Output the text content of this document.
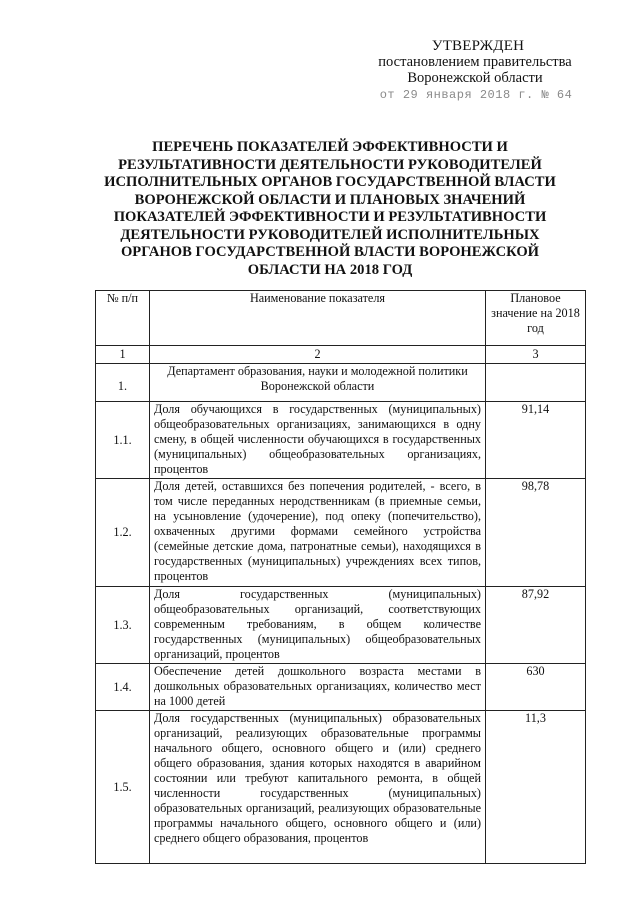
УТВЕРЖДЕН
постановлением правительства
Воронежской области
от 29 января 2018 г. № 64
ПЕРЕЧЕНЬ ПОКАЗАТЕЛЕЙ ЭФФЕКТИВНОСТИ И РЕЗУЛЬТАТИВНОСТИ ДЕЯТЕЛЬНОСТИ РУКОВОДИТЕЛЕЙ ИСПОЛНИТЕЛЬНЫХ ОРГАНОВ ГОСУДАРСТВЕННОЙ ВЛАСТИ ВОРОНЕЖСКОЙ ОБЛАСТИ И ПЛАНОВЫХ ЗНАЧЕНИЙ ПОКАЗАТЕЛЕЙ ЭФФЕКТИВНОСТИ И РЕЗУЛЬТАТИВНОСТИ ДЕЯТЕЛЬНОСТИ РУКОВОДИТЕЛЕЙ ИСПОЛНИТЕЛЬНЫХ ОРГАНОВ ГОСУДАРСТВЕННОЙ ВЛАСТИ ВОРОНЕЖСКОЙ ОБЛАСТИ НА 2018 ГОД
№ п/п	Наименование показателя	Плановое значение на 2018 год
1	2	3
1.	Департамент образования, науки и молодежной политики Воронежской области	
1.1.	Доля обучающихся в государственных (муниципальных) общеобразовательных организациях, занимающихся в одну смену, в общей численности обучающихся в государственных (муниципальных) общеобразовательных организациях, процентов	91,14
1.2.	Доля детей, оставшихся без попечения родителей, - всего, в том числе переданных неродственникам (в приемные семьи, на усыновление (удочерение), под опеку (попечительство), охваченных другими формами семейного устройства (семейные детские дома, патронатные семьи), находящихся в государственных (муниципальных) учреждениях всех типов, процентов	98,78
1.3.	Доля государственных (муниципальных) общеобразовательных организаций, соответствующих современным требованиям, в общем количестве государственных (муниципальных) общеобразовательных организаций, процентов	87,92
1.4.	Обеспечение детей дошкольного возраста местами в дошкольных образовательных организациях, количество мест на 1000 детей	630
1.5.	Доля государственных (муниципальных) образовательных организаций, реализующих образовательные программы начального общего, основного общего и (или) среднего общего образования, здания которых находятся в аварийном состоянии или требуют капитального ремонта, в общей численности государственных (муниципальных) образовательных организаций, реализующих образовательные программы начального общего, основного общего и (или) среднего общего образования, процентов	11,3
